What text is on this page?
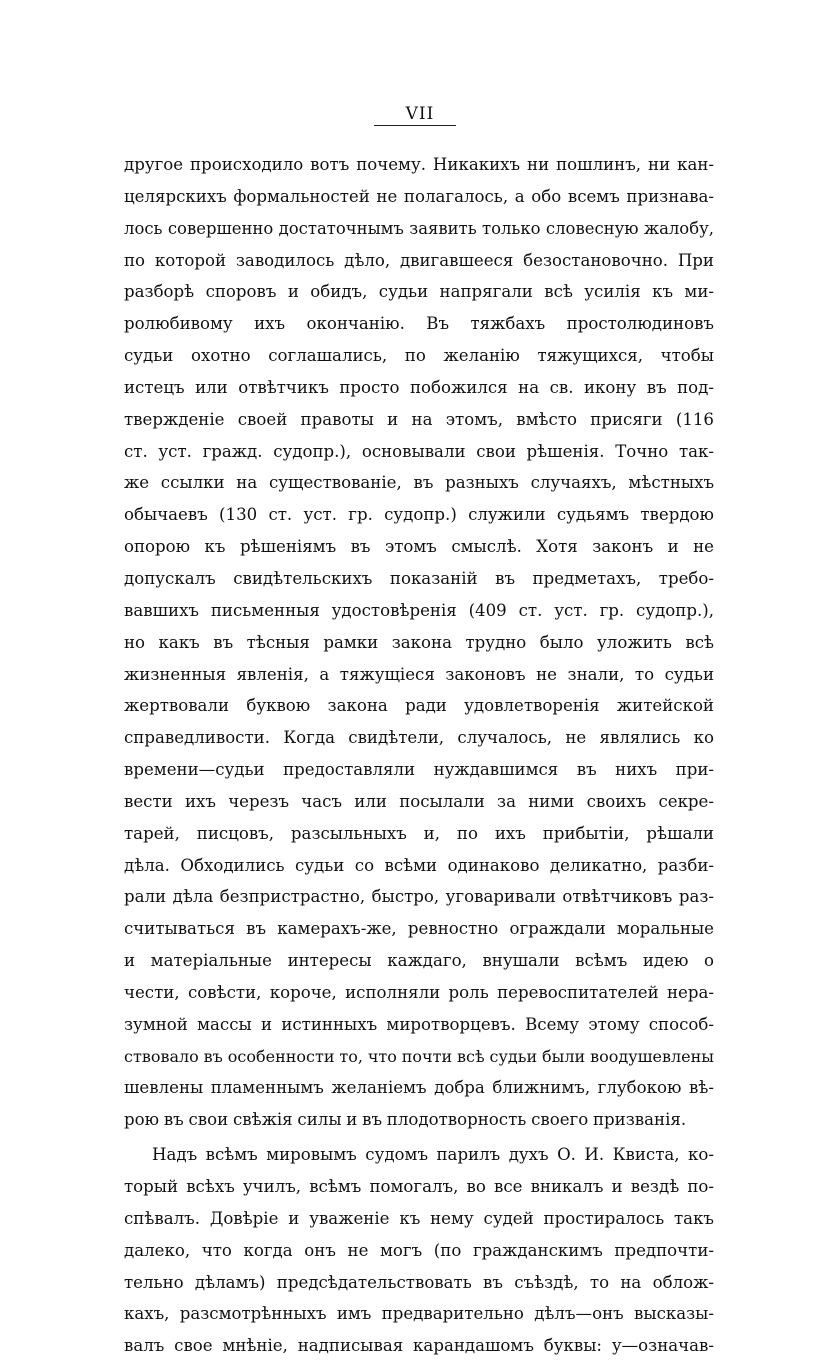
VII
другое происходило вотъ почему. Никакихъ ни пошлинъ, ни кан-
целярскихъ формальностей не полагалось, а обо всемъ признава-
лось совершенно достаточнымъ заявить только словесную жалобу,
по которой заводилось дѣло, двигавшееся безостановочно. При
разборѣ споровъ и обидъ, судьи напрягали всѣ усилія къ ми-
ролюбивому ихъ окончанію. Въ тяжбахъ простолюдиновъ
судьи охотно соглашались, по желанію тяжущихся, чтобы
истецъ или отвѣтчикъ просто побожился на св. икону въ под-
твержденіе своей правоты и на этомъ, вмѣсто присяги (116
ст. уст. гражд. судопр.), основывали свои рѣшенія. Точно так-
же ссылки на существованіе, въ разныхъ случаяхъ, мѣстныхъ
обычаевъ (130 ст. уст. гр. судопр.) служили судьямъ твердою
опорою къ рѣшеніямъ въ этомъ смыслѣ. Хотя законъ и не
допускалъ свидѣтельскихъ показаній въ предметахъ, требо-
вавшихъ письменныя удостовѣренія (409 ст. уст. гр. судопр.),
но какъ въ тѣсныя рамки закона трудно было уложить всѣ
жизненныя явленія, а тяжущіеся законовъ не знали, то судьи
жертвовали буквою закона ради удовлетворенія житейской
справедливости. Когда свидѣтели, случалось, не являлись ко
времени—судьи предоставляли нуждавшимся въ нихъ при-
вести ихъ черезъ часъ или посылали за ними своихъ секре-
тарей, писцовъ, разсыльныхъ и, по ихъ прибытіи, рѣшали
дѣла. Обходились судьи со всѣми одинаково деликатно, разби-
рали дѣла безпристрастно, быстро, уговаривали отвѣтчиковъ раз-
считываться въ камерахъ-же, ревностно ограждали моральные
и матеріальные интересы каждаго, внушали всѣмъ идею о
чести, совѣсти, короче, исполняли роль перевоспитателей нера-
зумной массы и истинныхъ миротворцевъ. Всему этому способ-
ствовало въ особенности то, что почти всѣ судьи были воодушевлены
шевлены пламеннымъ желаніемъ добра ближнимъ, глубокою вѣ-
рою въ свои свѣжія силы и въ плодотворность своего призванія.
Надъ всѣмъ мировымъ судомъ парилъ духъ О. И. Квиста, ко-
торый всѣхъ училъ, всѣмъ помогалъ, во все вникалъ и вездѣ по-
спѣвалъ. Довѣріе и уваженіе къ нему судей простиралось такъ
далеко, что когда онъ не могъ (по гражданскимъ предпочти-
тельно дѣламъ) предсѣдательствовать въ съѣздѣ, то на облож-
кахъ, разсмотрѣнныхъ имъ предварительно дѣлъ—онъ высказы-
валъ свое мнѣніе, надписывая карандашомъ буквы: у—означав-
